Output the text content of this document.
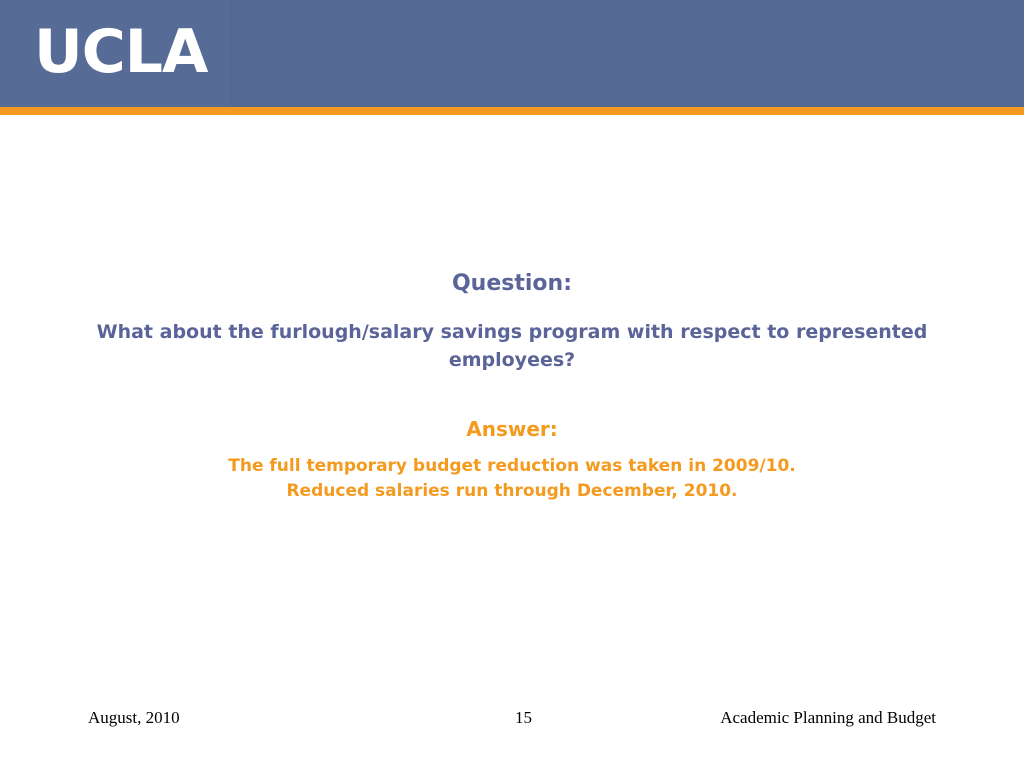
UCLA
Question:
What about the furlough/salary savings program with respect to represented employees?
Answer:
The full temporary budget reduction was taken in 2009/10.
Reduced salaries run through December, 2010.
August, 2010	15	Academic Planning and Budget
